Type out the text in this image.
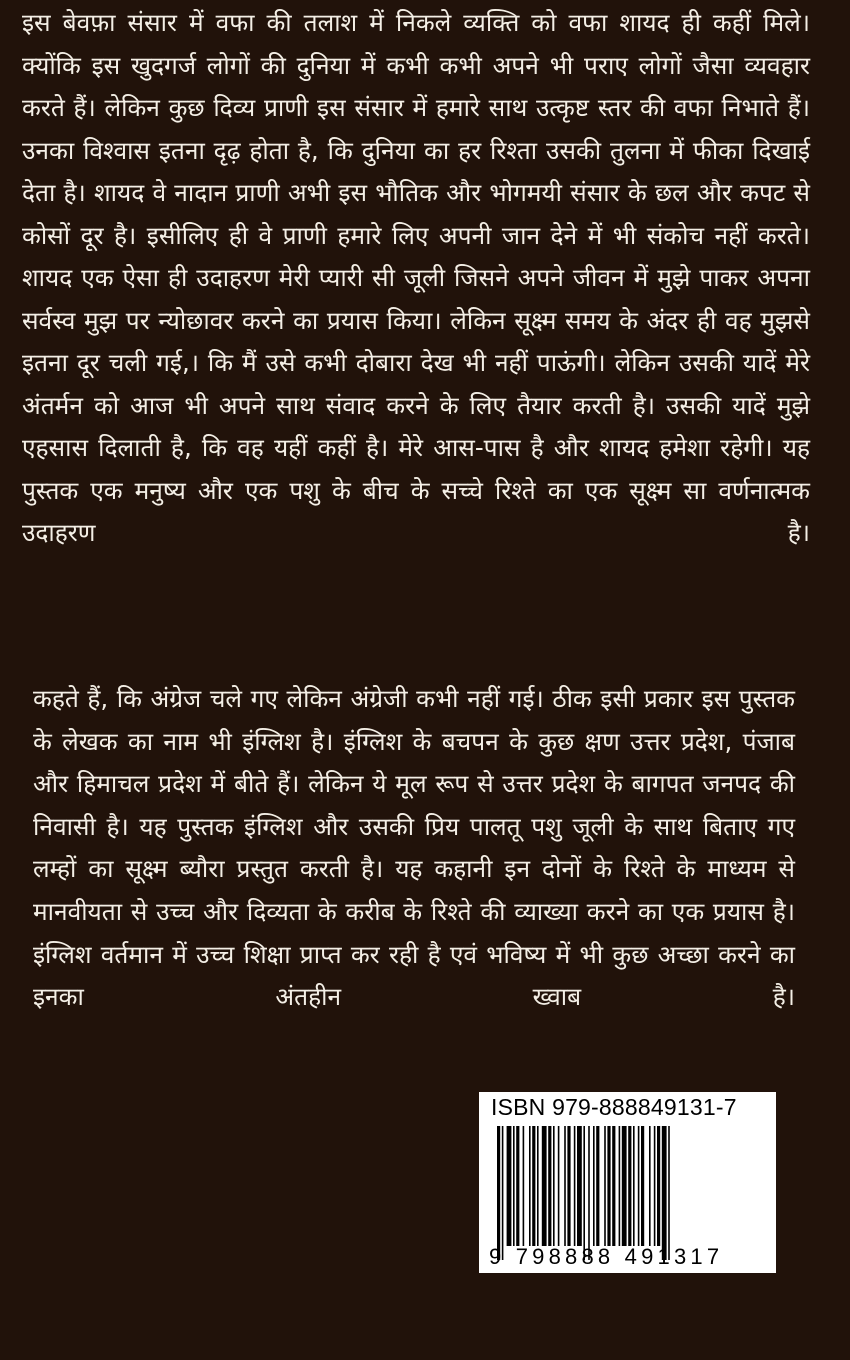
इस बेवफ़ा संसार में वफा की तलाश में निकले व्यक्ति को वफा शायद ही कहीं मिले। क्योंकि इस खुदगर्ज लोगों की दुनिया में कभी कभी अपने भी पराए लोगों जैसा व्यवहार करते हैं। लेकिन कुछ दिव्य प्राणी इस संसार में हमारे साथ उत्कृष्ट स्तर की वफा निभाते हैं। उनका विश्वास इतना दृढ़ होता है, कि दुनिया का हर रिश्ता उसकी तुलना में फीका दिखाई देता है। शायद वे नादान प्राणी अभी इस भौतिक और भोगमयी संसार के छल और कपट से कोसों दूर है। इसीलिए ही वे प्राणी हमारे लिए अपनी जान देने में भी संकोच नहीं करते। शायद एक ऐसा ही उदाहरण मेरी प्यारी सी जूली जिसने अपने जीवन में मुझे पाकर अपना सर्वस्व मुझ पर न्योछावर करने का प्रयास किया। लेकिन सूक्ष्म समय के अंदर ही वह मुझसे इतना दूर चली गई,। कि मैं उसे कभी दोबारा देख भी नहीं पाऊंगी। लेकिन उसकी यादें मेरे अंतर्मन को आज भी अपने साथ संवाद करने के लिए तैयार करती है। उसकी यादें मुझे एहसास दिलाती है, कि वह यहीं कहीं है। मेरे आस-पास है और शायद हमेशा रहेगी। यह पुस्तक एक मनुष्य और एक पशु के बीच के सच्चे रिश्ते का एक सूक्ष्म सा वर्णनात्मक उदाहरण है।

कहते हैं, कि अंग्रेज चले गए लेकिन अंग्रेजी कभी नहीं गई। ठीक इसी प्रकार इस पुस्तक के लेखक का नाम भी इंग्लिश है। इंग्लिश के बचपन के कुछ क्षण उत्तर प्रदेश, पंजाब और हिमाचल प्रदेश में बीते हैं। लेकिन ये मूल रूप से उत्तर प्रदेश के बागपत जनपद की निवासी है। यह पुस्तक इंग्लिश और उसकी प्रिय पालतू पशु जूली के साथ बिताए गए लम्हों का सूक्ष्म ब्यौरा प्रस्तुत करती है। यह कहानी इन दोनों के रिश्ते के माध्यम से मानवीयता से उच्च और दिव्यता के करीब के रिश्ते की व्याख्या करने का एक प्रयास है। इंग्लिश वर्तमान में उच्च शिक्षा प्राप्त कर रही है एवं भविष्य में भी कुछ अच्छा करने का इनका अंतहीन ख्वाब है।

ISBN 979-888849131-7
9 798888 491317
